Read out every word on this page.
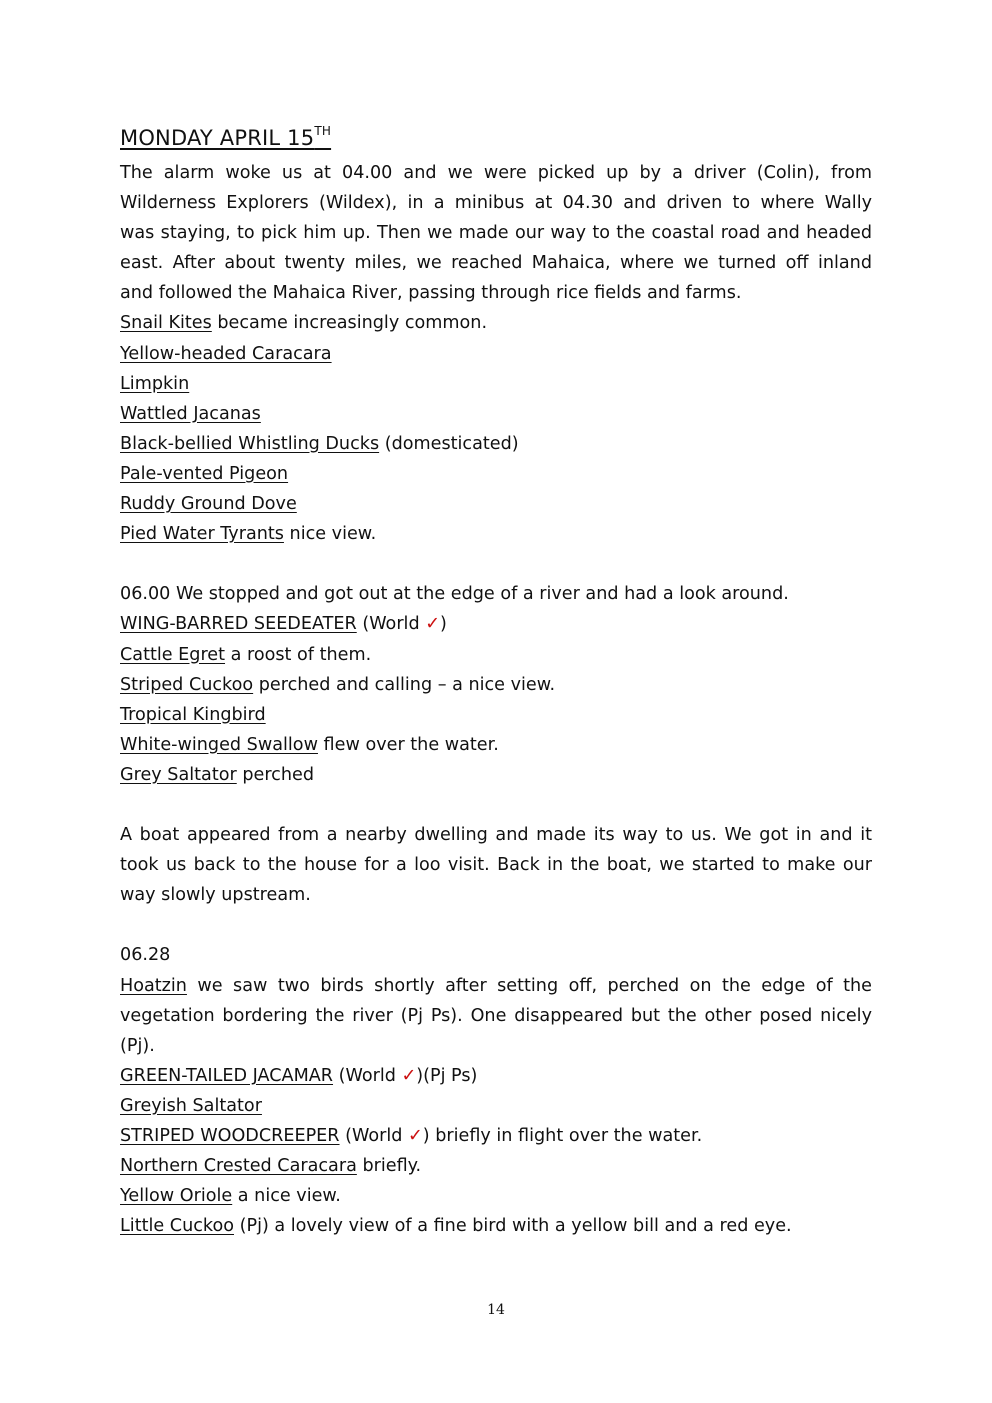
MONDAY APRIL 15TH
The alarm woke us at 04.00 and we were picked up by a driver (Colin), from
Wilderness Explorers (Wildex), in a minibus at 04.30 and driven to where Wally
was staying, to pick him up. Then we made our way to the coastal road and headed
east. After about twenty miles, we reached Mahaica, where we turned off inland
and followed the Mahaica River, passing through rice fields and farms.
Snail Kites became increasingly common.
Yellow-headed Caracara
Limpkin
Wattled Jacanas
Black-bellied Whistling Ducks (domesticated)
Pale-vented Pigeon
Ruddy Ground Dove
Pied Water Tyrants nice view.
06.00 We stopped and got out at the edge of a river and had a look around.
WING-BARRED SEEDEATER (World ✓)
Cattle Egret a roost of them.
Striped Cuckoo perched and calling – a nice view.
Tropical Kingbird
White-winged Swallow flew over the water.
Grey Saltator perched
A boat appeared from a nearby dwelling and made its way to us. We got in and it
took us back to the house for a loo visit. Back in the boat, we started to make our
way slowly upstream.
06.28
Hoatzin we saw two birds shortly after setting off, perched on the edge of the
vegetation bordering the river (Pj Ps). One disappeared but the other posed nicely
(Pj).
GREEN-TAILED JACAMAR (World ✓)(Pj Ps)
Greyish Saltator
STRIPED WOODCREEPER (World ✓) briefly in flight over the water.
Northern Crested Caracara briefly.
Yellow Oriole a nice view.
Little Cuckoo (Pj) a lovely view of a fine bird with a yellow bill and a red eye.
14
